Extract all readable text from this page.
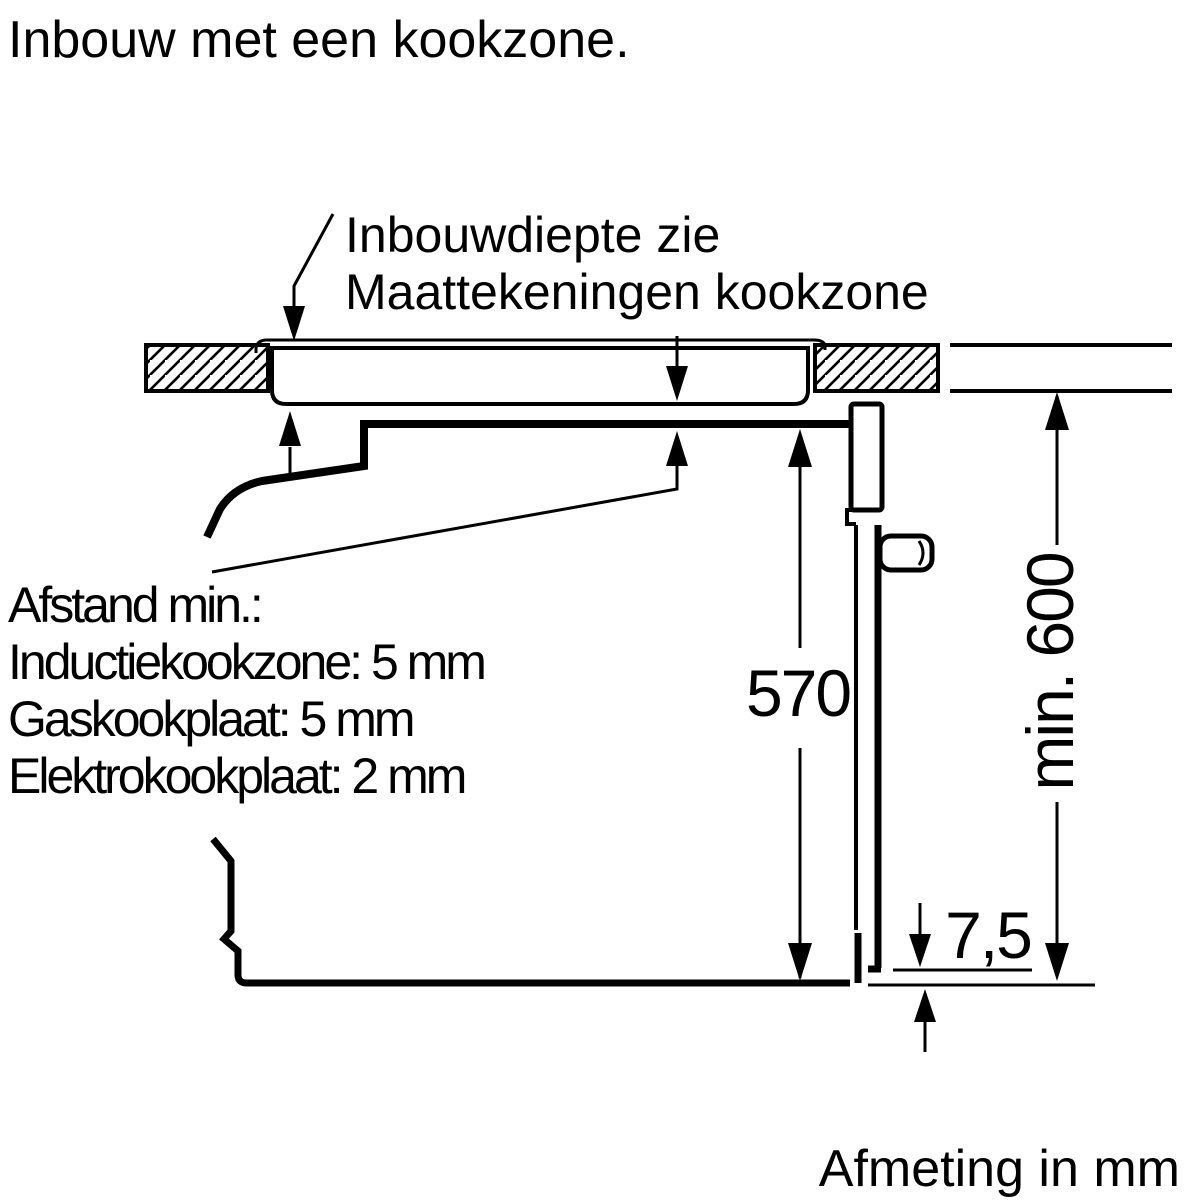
Inbouw met een kookzone.
Inbouwdiepte zie
Maattekeningen kookzone
7,5
570 min. 600
Afstand min.:
Inductiekookzone: 5 mm
Gaskookplaat: 5 mm
Elektrokookplaat: 2 mm
Afmeting in mm
